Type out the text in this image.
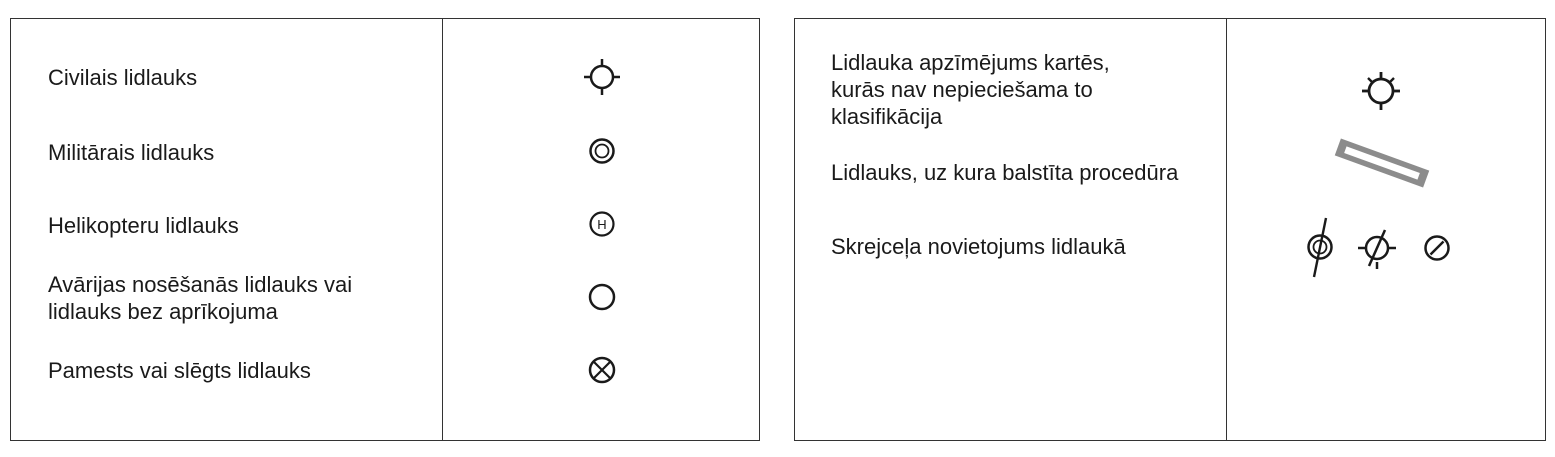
Civilais lidlauks
Militārais lidlauks
Helikopteru lidlauks
Avārijas nosēšanās lidlauks vai
lidlauks bez aprīkojuma
Pamests vai slēgts lidlauks
H
Lidlauka apzīmējums kartēs,
kurās nav nepieciešama to
klasifikācija
Lidlauks, uz kura balstīta procedūra
Skrejceļa novietojums lidlaukā
